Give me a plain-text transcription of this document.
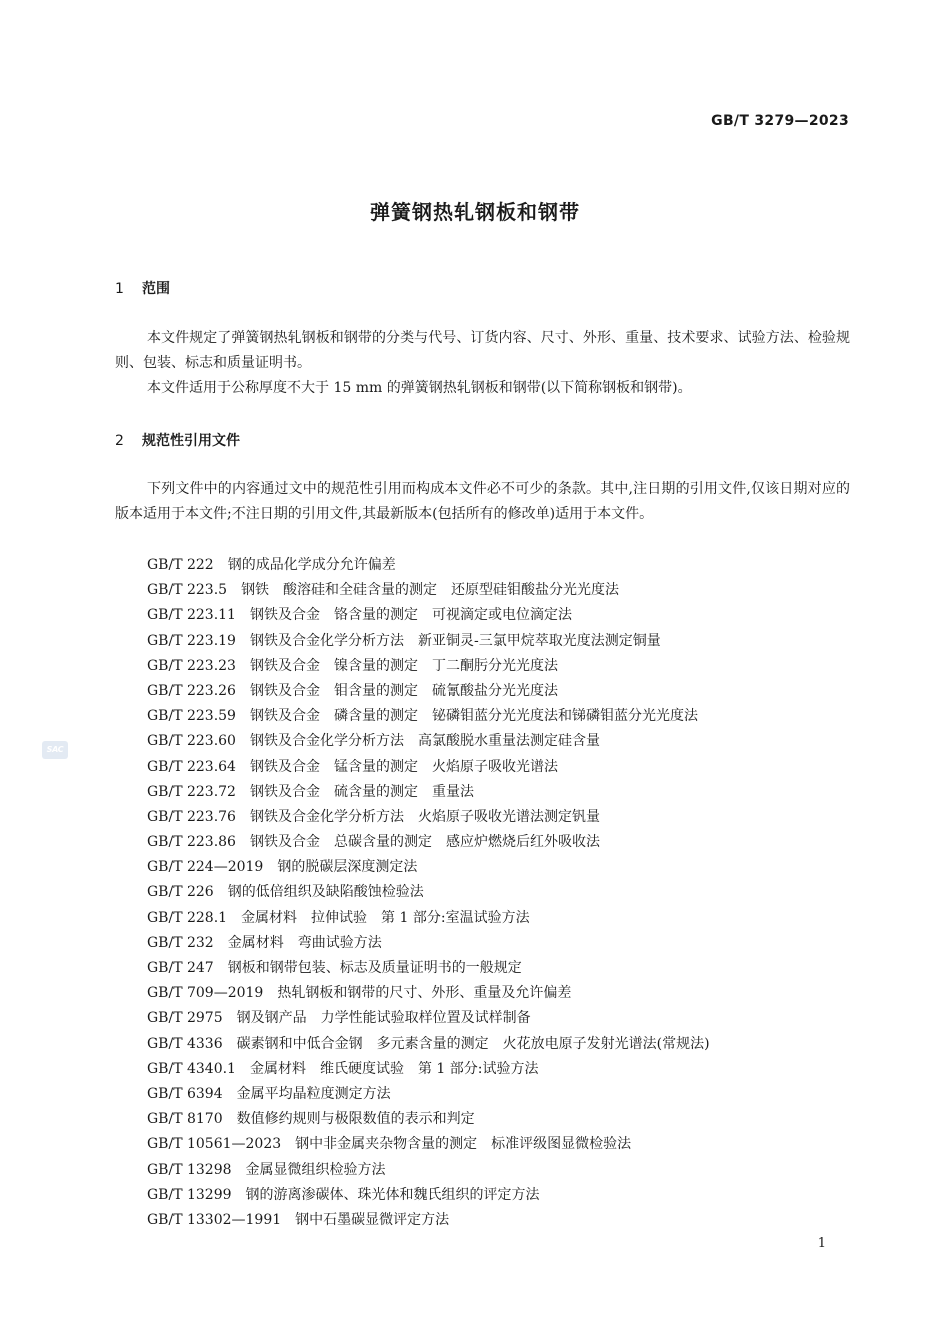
GB/T 3279—2023
弹簧钢热轧钢板和钢带
1 范围
本文件规定了弹簧钢热轧钢板和钢带的分类与代号、订货内容、尺寸、外形、重量、技术要求、试验方法、检验规则、包装、标志和质量证明书。
本文件适用于公称厚度不大于 15 mm 的弹簧钢热轧钢板和钢带(以下简称钢板和钢带)。
2 规范性引用文件
下列文件中的内容通过文中的规范性引用而构成本文件必不可少的条款。其中,注日期的引用文件,仅该日期对应的版本适用于本文件;不注日期的引用文件,其最新版本(包括所有的修改单)适用于本文件。
GB/T 222 钢的成品化学成分允许偏差
GB/T 223.5 钢铁　酸溶硅和全硅含量的测定　还原型硅钼酸盐分光光度法
GB/T 223.11 钢铁及合金　铬含量的测定　可视滴定或电位滴定法
GB/T 223.19 钢铁及合金化学分析方法　新亚铜灵-三氯甲烷萃取光度法测定铜量
GB/T 223.23 钢铁及合金　镍含量的测定　丁二酮肟分光光度法
GB/T 223.26 钢铁及合金　钼含量的测定　硫氰酸盐分光光度法
GB/T 223.59 钢铁及合金　磷含量的测定　铋磷钼蓝分光光度法和锑磷钼蓝分光光度法
GB/T 223.60 钢铁及合金化学分析方法　高氯酸脱水重量法测定硅含量
GB/T 223.64 钢铁及合金　锰含量的测定　火焰原子吸收光谱法
GB/T 223.72 钢铁及合金　硫含量的测定　重量法
GB/T 223.76 钢铁及合金化学分析方法　火焰原子吸收光谱法测定钒量
GB/T 223.86 钢铁及合金　总碳含量的测定　感应炉燃烧后红外吸收法
GB/T 224—2019 钢的脱碳层深度测定法
GB/T 226 钢的低倍组织及缺陷酸蚀检验法
GB/T 228.1 金属材料　拉伸试验　第 1 部分:室温试验方法
GB/T 232 金属材料　弯曲试验方法
GB/T 247 钢板和钢带包装、标志及质量证明书的一般规定
GB/T 709—2019 热轧钢板和钢带的尺寸、外形、重量及允许偏差
GB/T 2975 钢及钢产品　力学性能试验取样位置及试样制备
GB/T 4336 碳素钢和中低合金钢　多元素含量的测定　火花放电原子发射光谱法(常规法)
GB/T 4340.1 金属材料　维氏硬度试验　第 1 部分:试验方法
GB/T 6394 金属平均晶粒度测定方法
GB/T 8170 数值修约规则与极限数值的表示和判定
GB/T 10561—2023 钢中非金属夹杂物含量的测定　标准评级图显微检验法
GB/T 13298 金属显微组织检验方法
GB/T 13299 钢的游离渗碳体、珠光体和魏氏组织的评定方法
GB/T 13302—1991 钢中石墨碳显微评定方法
SAC
1
